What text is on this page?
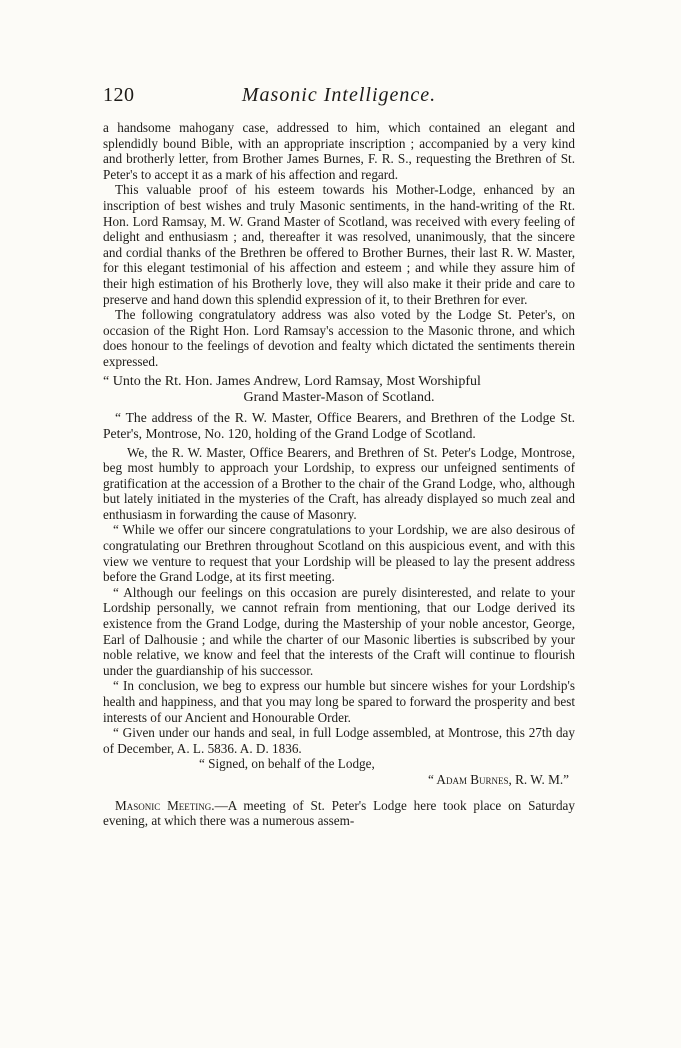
120	Masonic Intelligence.

a handsome mahogany case, addressed to him, which contained an elegant and splendidly bound Bible, with an appropriate inscription ; accompanied by a very kind and brotherly letter, from Brother James Burnes, F. R. S., requesting the Brethren of St. Peter's to accept it as a mark of his affection and regard.

This valuable proof of his esteem towards his Mother-Lodge, enhanced by an inscription of best wishes and truly Masonic sentiments, in the hand-writing of the Rt. Hon. Lord Ramsay, M. W. Grand Master of Scotland, was received with every feeling of delight and enthusiasm ; and, thereafter it was resolved, unanimously, that the sincere and cordial thanks of the Brethren be offered to Brother Burnes, their last R. W. Master, for this elegant testimonial of his affection and esteem ; and while they assure him of their high estimation of his Brotherly love, they will also make it their pride and care to preserve and hand down this splendid expression of it, to their Brethren for ever.

The following congratulatory address was also voted by the Lodge St. Peter's, on occasion of the Right Hon. Lord Ramsay's accession to the Masonic throne, and which does honour to the feelings of devotion and fealty which dictated the sentiments therein expressed.

“ Unto the Rt. Hon. James Andrew, Lord Ramsay, Most Worshipful
Grand Master-Mason of Scotland.

“ The address of the R. W. Master, Office Bearers, and Brethren of the Lodge St. Peter's, Montrose, No. 120, holding of the Grand Lodge of Scotland.

We, the R. W. Master, Office Bearers, and Brethren of St. Peter's Lodge, Montrose, beg most humbly to approach your Lordship, to express our unfeigned sentiments of gratification at the accession of a Brother to the chair of the Grand Lodge, who, although but lately initiated in the mysteries of the Craft, has already displayed so much zeal and enthusiasm in forwarding the cause of Masonry.

“ While we offer our sincere congratulations to your Lordship, we are also desirous of congratulating our Brethren throughout Scotland on this auspicious event, and with this view we venture to request that your Lordship will be pleased to lay the present address before the Grand Lodge, at its first meeting.

“ Although our feelings on this occasion are purely disinterested, and relate to your Lordship personally, we cannot refrain from mentioning, that our Lodge derived its existence from the Grand Lodge, during the Mastership of your noble ancestor, George, Earl of Dalhousie ; and while the charter of our Masonic liberties is subscribed by your noble relative, we know and feel that the interests of the Craft will continue to flourish under the guardianship of his successor.

“ In conclusion, we beg to express our humble but sincere wishes for your Lordship's health and happiness, and that you may long be spared to forward the prosperity and best interests of our Ancient and Honourable Order.

“ Given under our hands and seal, in full Lodge assembled, at Montrose, this 27th day of December, A. L. 5836. A. D. 1836.

“ Signed, on behalf of the Lodge,

“ Adam Burnes, R. W. M.”

Masonic Meeting.—A meeting of St. Peter's Lodge here took place on Saturday evening, at which there was a numerous assem-
